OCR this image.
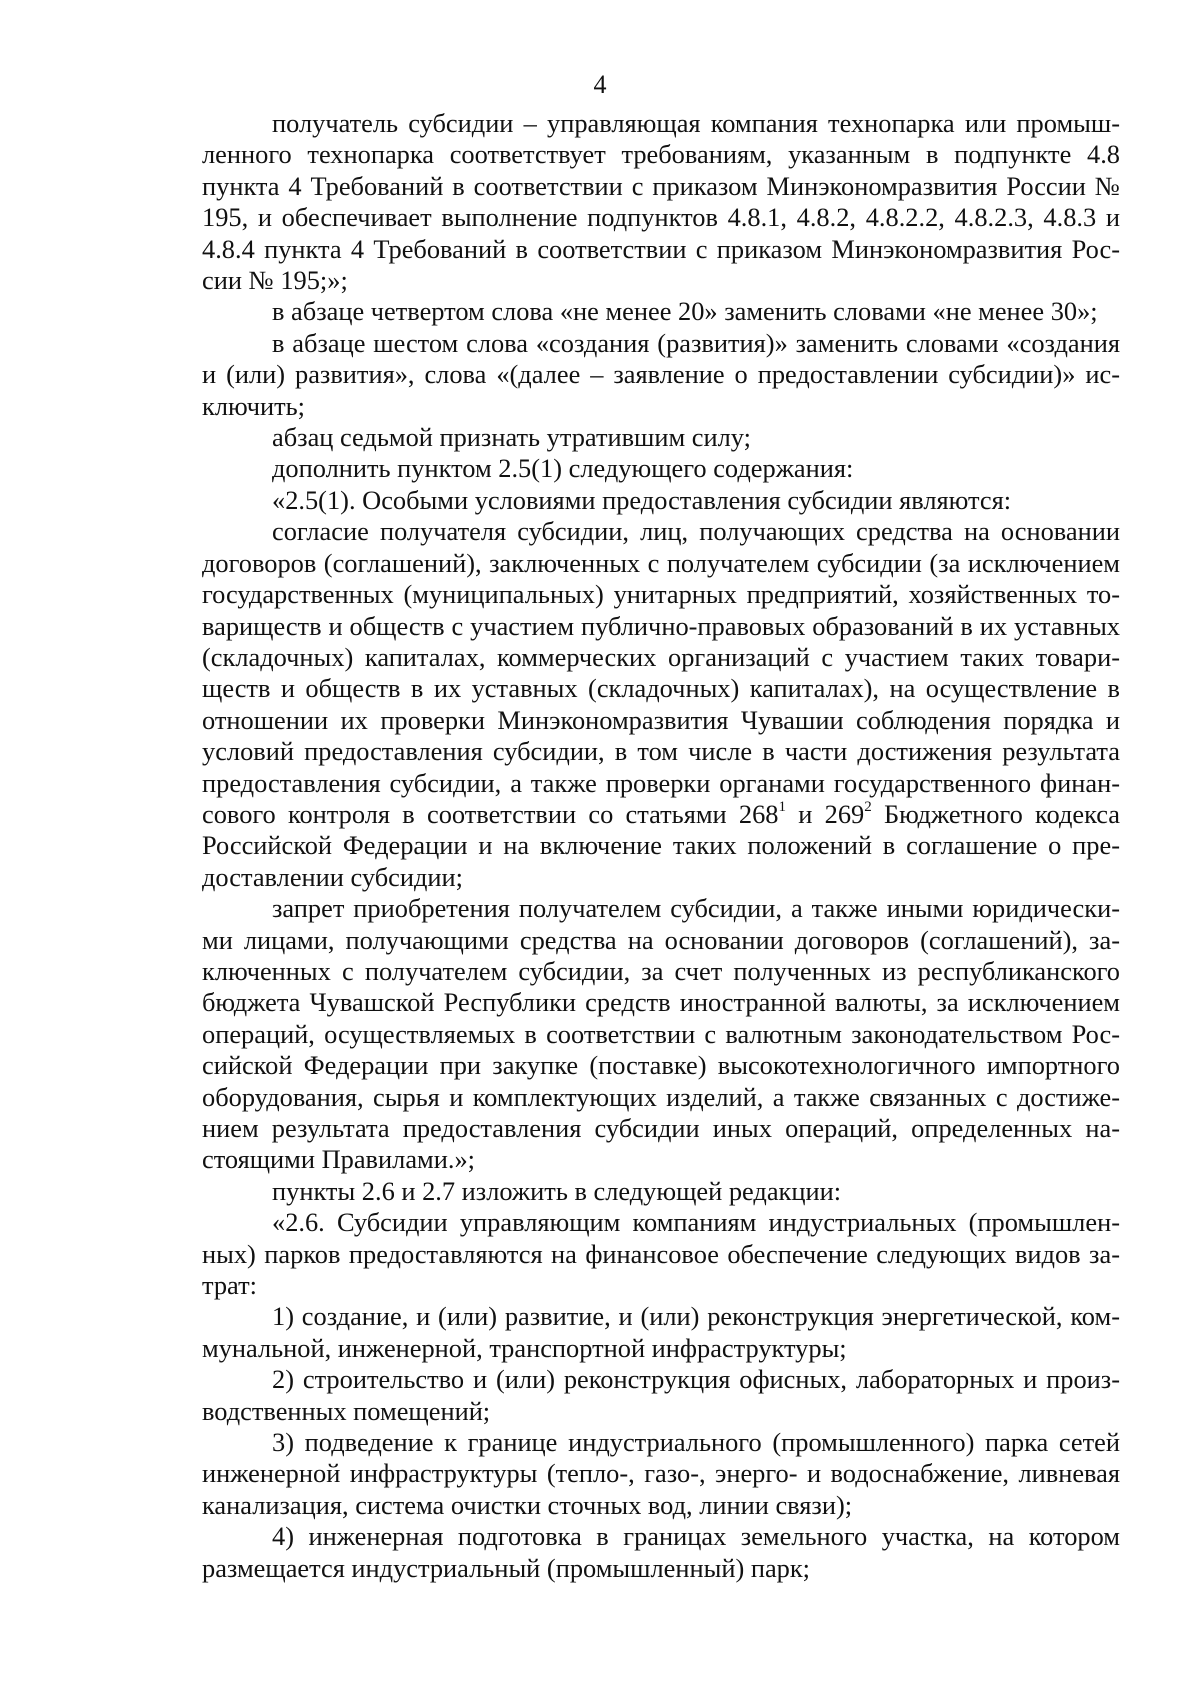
4

получатель субсидии – управляющая компания технопарка или промышленного технопарка соответствует требованиям, указанным в подпункте 4.8 пункта 4 Требований в соответствии с приказом Минэкономразвития России № 195, и обеспечивает выполнение подпунктов 4.8.1, 4.8.2, 4.8.2.2, 4.8.2.3, 4.8.3 и 4.8.4 пункта 4 Требований в соответствии с приказом Минэкономразвития России № 195;»;

в абзаце четвертом слова «не менее 20» заменить словами «не менее 30»;

в абзаце шестом слова «создания (развития)» заменить словами «создания и (или) развития», слова «(далее – заявление о предоставлении субсидии)» исключить;

абзац седьмой признать утратившим силу;

дополнить пунктом 2.5(1) следующего содержания:

«2.5(1). Особыми условиями предоставления субсидии являются:

согласие получателя субсидии, лиц, получающих средства на основании договоров (соглашений), заключенных с получателем субсидии (за исключением государственных (муниципальных) унитарных предприятий, хозяйственных товариществ и обществ с участием публично-правовых образований в их уставных (складочных) капиталах, коммерческих организаций с участием таких товариществ и обществ в их уставных (складочных) капиталах), на осуществление в отношении их проверки Минэкономразвития Чувашии соблюдения порядка и условий предоставления субсидии, в том числе в части достижения результата предоставления субсидии, а также проверки органами государственного финансового контроля в соответствии со статьями $268^1$ и $269^2$ Бюджетного кодекса Российской Федерации и на включение таких положений в соглашение о предоставлении субсидии;

запрет приобретения получателем субсидии, а также иными юридическими лицами, получающими средства на основании договоров (соглашений), заключенных с получателем субсидии, за счет полученных из республиканского бюджета Чувашской Республики средств иностранной валюты, за исключением операций, осуществляемых в соответствии с валютным законодательством Российской Федерации при закупке (поставке) высокотехнологичного импортного оборудования, сырья и комплектующих изделий, а также связанных с достижением результата предоставления субсидии иных операций, определенных настоящими Правилами.»;

пункты 2.6 и 2.7 изложить в следующей редакции:

«2.6. Субсидии управляющим компаниям индустриальных (промышленных) парков предоставляются на финансовое обеспечение следующих видов затрат:

1) создание, и (или) развитие, и (или) реконструкция энергетической, коммунальной, инженерной, транспортной инфраструктуры;

2) строительство и (или) реконструкция офисных, лабораторных и производственных помещений;

3) подведение к границе индустриального (промышленного) парка сетей инженерной инфраструктуры (тепло-, газо-, энерго- и водоснабжение, ливневая канализация, система очистки сточных вод, линии связи);

4) инженерная подготовка в границах земельного участка, на котором размещается индустриальный (промышленный) парк;
